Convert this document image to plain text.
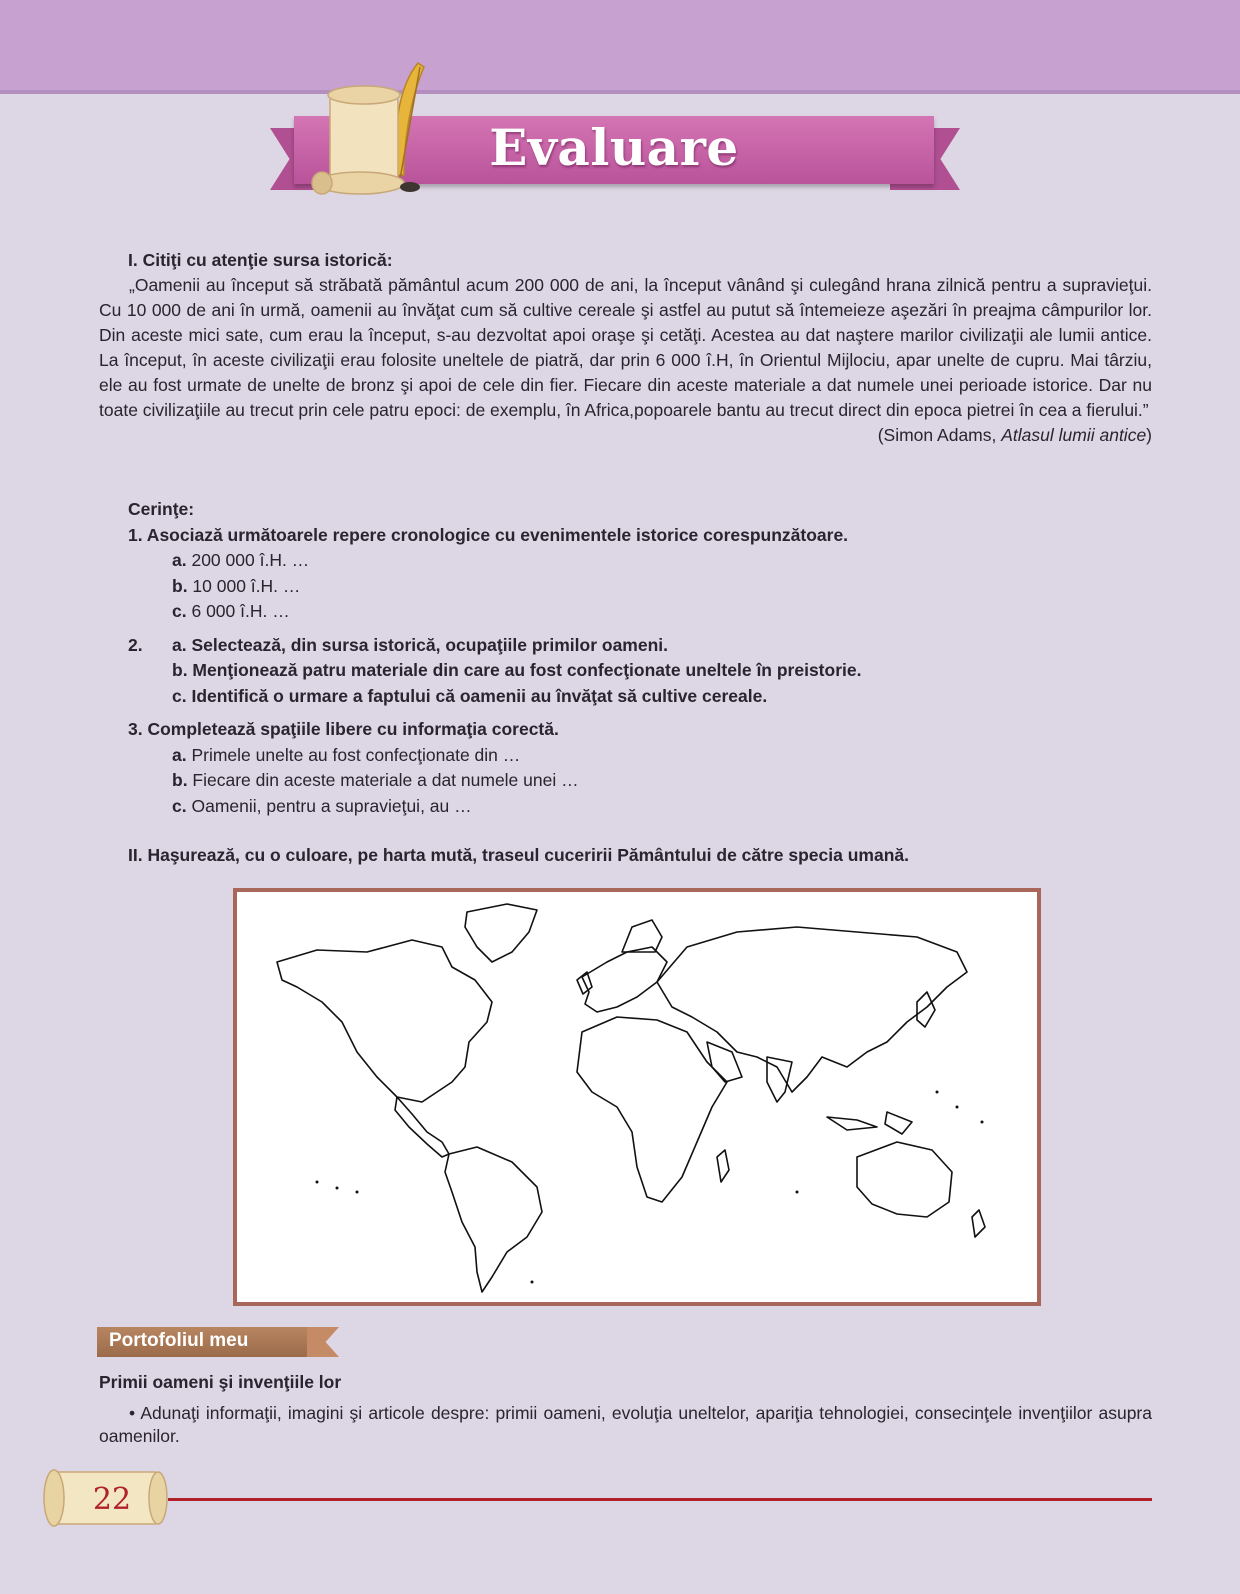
Evaluare
I. Citiţi cu atenţie sursa istorică:

„Oamenii au început să străbată pământul acum 200 000 de ani, la început vânând şi culegând hrana zilnică pentru a supravieţui. Cu 10 000 de ani în urmă, oamenii au învăţat cum să cultive cereale şi astfel au putut să întemeieze aşezări în preajma câmpurilor lor. Din aceste mici sate, cum erau la început, s-au dezvoltat apoi oraşe şi cetăţi. Acestea au dat naştere marilor civilizaţii ale lumii antice. La început, în aceste civilizaţii erau folosite uneltele de piatră, dar prin 6 000 î.H, în Orientul Mijlociu, apar unelte de cupru. Mai târziu, ele au fost urmate de unelte de bronz şi apoi de cele din fier. Fiecare din aceste materiale a dat numele unei perioade istorice. Dar nu toate civilizaţiile au trecut prin cele patru epoci: de exemplu, în Africa,popoarele bantu au trecut direct din epoca pietrei în cea a fierului.”

(Simon Adams, Atlasul lumii antice)

Cerinţe:
1. Asociază următoarele repere cronologice cu evenimentele istorice corespunzătoare.
a. 200 000 î.H. …
b. 10 000 î.H. …
c. 6 000 î.H. …
2.	a. Selectează, din sursa istorică, ocupaţiile primilor oameni.
b. Menţionează patru materiale din care au fost confecţionate uneltele în preistorie.
c. Identifică o urmare a faptului că oamenii au învăţat să cultive cereale.
3. Completează spaţiile libere cu informaţia corectă.
a. Primele unelte au fost confecţionate din …
b. Fiecare din aceste materiale a dat numele unei …
c. Oamenii, pentru a supravieţui, au …
II. Haşurează, cu o culoare, pe harta mută, traseul cuceririi Pământului de către specia umană.
Portofoliul meu
Primii oameni şi invenţiile lor
• Adunaţi informaţii, imagini şi articole despre: primii oameni, evoluţia uneltelor, apariţia tehnologiei, consecinţele invenţiilor asupra oamenilor.
22
